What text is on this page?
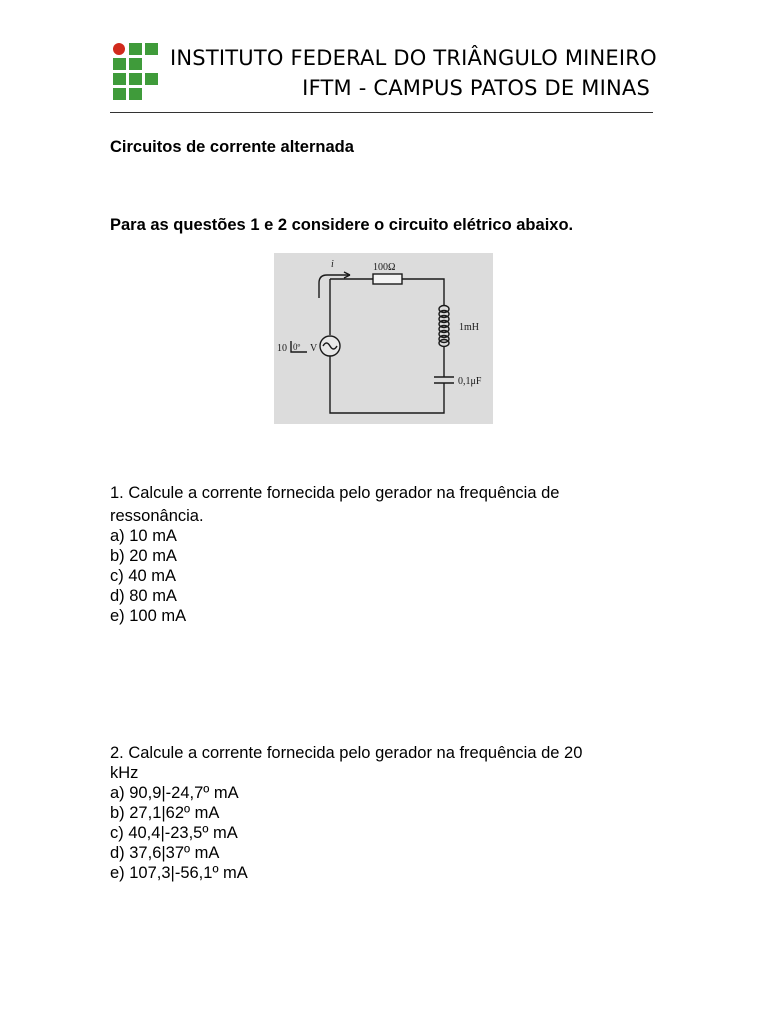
INSTITUTO FEDERAL DO TRIÂNGULO MINEIRO
IFTM - CAMPUS PATOS DE MINAS
Circuitos de corrente alternada
Para as questões 1 e 2 considere o circuito elétrico abaixo.
i	100Ω
1mH
0,1μF
10 0º V

1. Calcule a corrente fornecida pelo gerador na frequência de

ressonância.

a) 10 mA

b) 20 mA

c) 40 mA

d) 80 mA

e) 100 mA

2. Calcule a corrente fornecida pelo gerador na frequência de 20

kHz

a) 90,9|-24,7º mA

b) 27,1|62º mA

c) 40,4|-23,5º mA

d) 37,6|37º mA

e) 107,3|-56,1º mA
